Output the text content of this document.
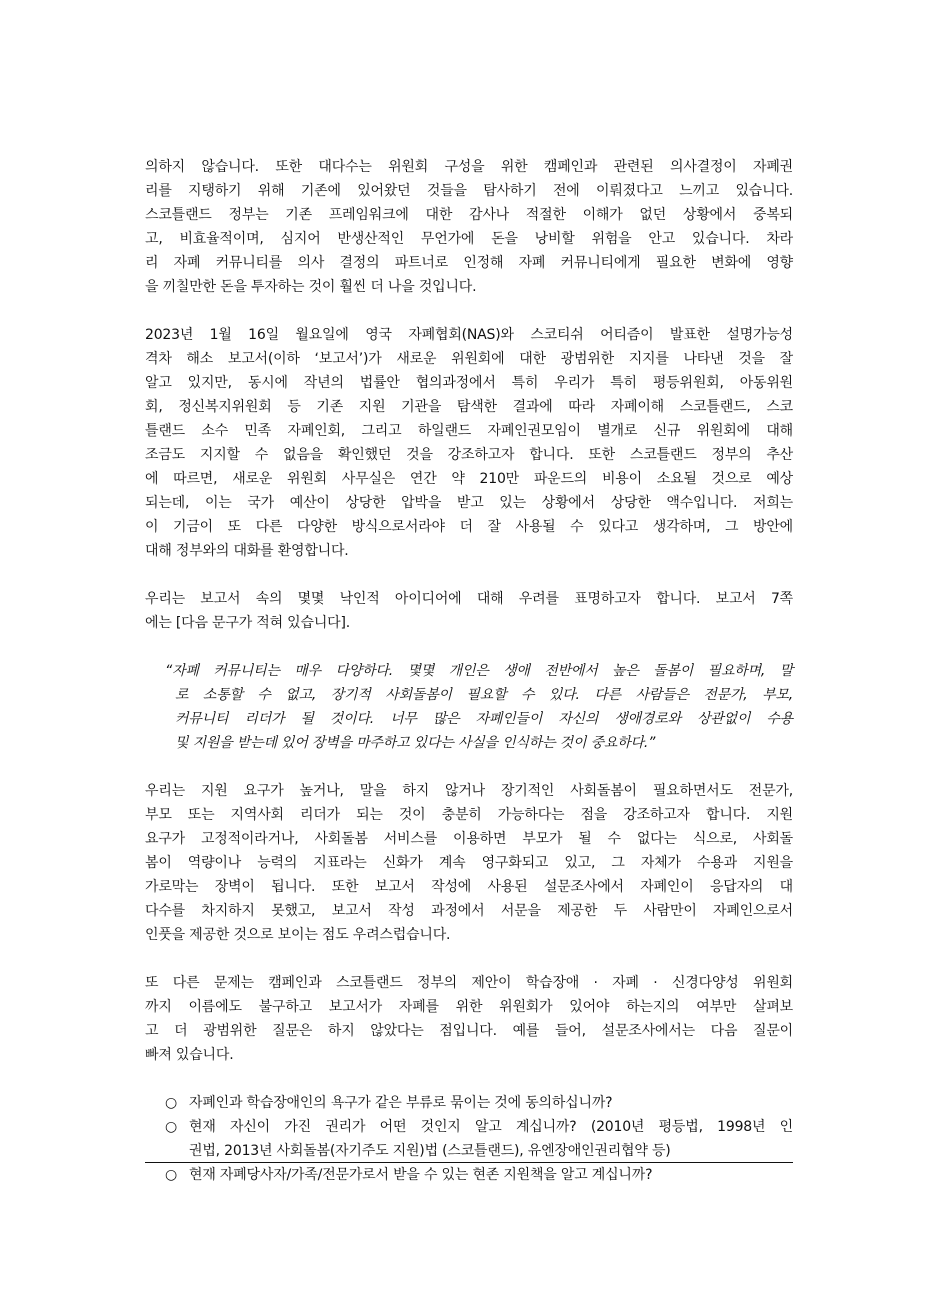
의하지 않습니다. 또한 대다수는 위원회 구성을 위한 캠페인과 관련된 의사결정이 자폐권
리를 지탱하기 위해 기존에 있어왔던 것들을 탐사하기 전에 이뤄졌다고 느끼고 있습니다.
스코틀랜드 정부는 기존 프레임워크에 대한 감사나 적절한 이해가 없던 상황에서 중복되
고, 비효율적이며, 심지어 반생산적인 무언가에 돈을 낭비할 위험을 안고 있습니다. 차라
리 자폐 커뮤니티를 의사 결정의 파트너로 인정해 자폐 커뮤니티에게 필요한 변화에 영향
을 끼칠만한 돈을 투자하는 것이 훨씬 더 나을 것입니다.

2023년 1월 16일 월요일에 영국 자폐협회(NAS)와 스코티쉬 어티즘이 발표한 설명가능성
격차 해소 보고서(이하 ‘보고서’)가 새로운 위원회에 대한 광범위한 지지를 나타낸 것을 잘
알고 있지만, 동시에 작년의 법률안 협의과정에서 특히 우리가 특히 평등위원회, 아동위원
회, 정신복지위원회 등 기존 지원 기관을 탐색한 결과에 따라 자폐이해 스코틀랜드, 스코
틀랜드 소수 민족 자폐인회, 그리고 하일랜드 자폐인권모임이 별개로 신규 위원회에 대해
조금도 지지할 수 없음을 확인했던 것을 강조하고자 합니다. 또한 스코틀랜드 정부의 추산
에 따르면, 새로운 위원회 사무실은 연간 약 210만 파운드의 비용이 소요될 것으로 예상
되는데, 이는 국가 예산이 상당한 압박을 받고 있는 상황에서 상당한 액수입니다. 저희는
이 기금이 또 다른 다양한 방식으로서라야 더 잘 사용될 수 있다고 생각하며, 그 방안에
대해 정부와의 대화를 환영합니다.

우리는 보고서 속의 몇몇 낙인적 아이디어에 대해 우려를 표명하고자 합니다. 보고서 7쪽
에는 [다음 문구가 적혀 있습니다].

“자폐 커뮤니티는 매우 다양하다. 몇몇 개인은 생애 전반에서 높은 돌봄이 필요하며, 말
로 소통할 수 없고, 장기적 사회돌봄이 필요할 수 있다. 다른 사람들은 전문가, 부모,
커뮤니티 리더가 될 것이다. 너무 많은 자폐인들이 자신의 생애경로와 상관없이 수용
및 지원을 받는데 있어 장벽을 마주하고 있다는 사실을 인식하는 것이 중요하다.”

우리는 지원 요구가 높거나, 말을 하지 않거나 장기적인 사회돌봄이 필요하면서도 전문가,
부모 또는 지역사회 리더가 되는 것이 충분히 가능하다는 점을 강조하고자 합니다. 지원
요구가 고정적이라거나, 사회돌봄 서비스를 이용하면 부모가 될 수 없다는 식으로, 사회돌
봄이 역량이나 능력의 지표라는 신화가 계속 영구화되고 있고, 그 자체가 수용과 지원을
가로막는 장벽이 됩니다. 또한 보고서 작성에 사용된 설문조사에서 자폐인이 응답자의 대
다수를 차지하지 못했고, 보고서 작성 과정에서 서문을 제공한 두 사람만이 자폐인으로서
인풋을 제공한 것으로 보이는 점도 우려스럽습니다.

또 다른 문제는 캠페인과 스코틀랜드 정부의 제안이 학습장애 · 자폐 · 신경다양성 위원회
까지 이름에도 불구하고 보고서가 자폐를 위한 위원회가 있어야 하는지의 여부만 살펴보
고 더 광범위한 질문은 하지 않았다는 점입니다. 예를 들어, 설문조사에서는 다음 질문이
빠져 있습니다.

○ 자폐인과 학습장애인의 욕구가 같은 부류로 묶이는 것에 동의하십니까?
○ 현재 자신이 가진 권리가 어떤 것인지 알고 계십니까? (2010년 평등법, 1998년 인
권법, 2013년 사회돌봄(자기주도 지원)법 (스코틀랜드), 유엔장애인권리협약 등)
○ 현재 자폐당사자/가족/전문가로서 받을 수 있는 현존 지원책을 알고 계십니까?
